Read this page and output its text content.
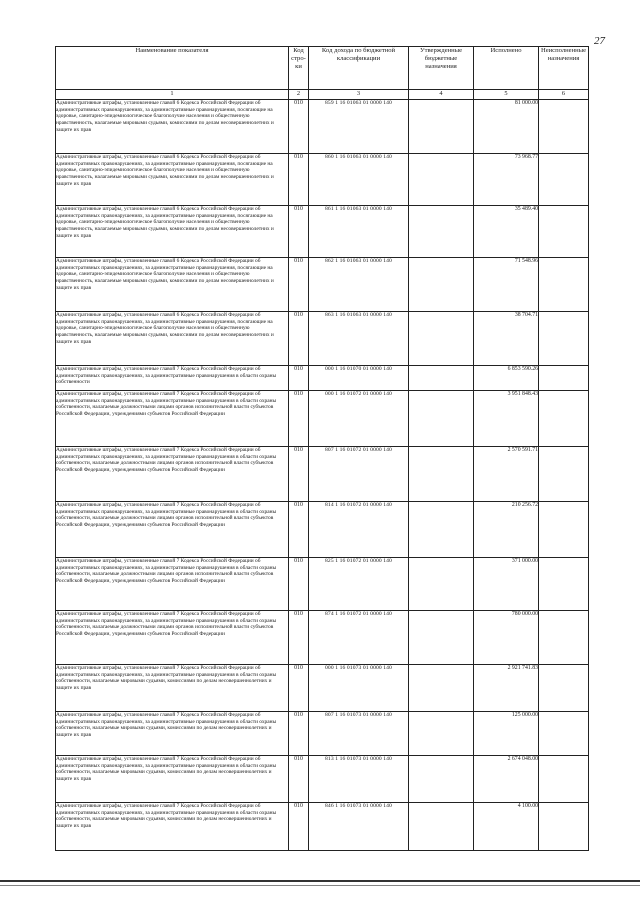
27
Наименование показателя	Код стро-ки	Код дохода по бюджетной классификации	Утвержденные бюджетные назначения	Исполнено	Неисполненные назначения
1	2	3	4	5	6
Административные штрафы, установленные главой 6 Кодекса Российской Федерации об административных правонарушениях, за административные правонарушения, посягающие на здоровье, санитарно-эпидемиологическое благополучие населения и общественную нравственность, налагаемые мировыми судьями, комиссиями по делам несовершеннолетних и защите их прав	010	859 1 16 01063 01 0000 140		81 000.00	
Административные штрафы, установленные главой 6 Кодекса Российской Федерации об административных правонарушениях, за административные правонарушения, посягающие на здоровье, санитарно-эпидемиологическое благополучие населения и общественную нравственность, налагаемые мировыми судьями, комиссиями по делам несовершеннолетних и защите их прав	010	860 1 16 01063 01 0000 140		73 968.77	
Административные штрафы, установленные главой 6 Кодекса Российской Федерации об административных правонарушениях, за административные правонарушения, посягающие на здоровье, санитарно-эпидемиологическое благополучие населения и общественную нравственность, налагаемые мировыми судьями, комиссиями по делам несовершеннолетних и защите их прав	010	861 1 16 01063 01 0000 140		35 489.40	
Административные штрафы, установленные главой 6 Кодекса Российской Федерации об административных правонарушениях, за административные правонарушения, посягающие на здоровье, санитарно-эпидемиологическое благополучие населения и общественную нравственность, налагаемые мировыми судьями, комиссиями по делам несовершеннолетних и защите их прав	010	862 1 16 01063 01 0000 140		71 548.96	
Административные штрафы, установленные главой 6 Кодекса Российской Федерации об административных правонарушениях, за административные правонарушения, посягающие на здоровье, санитарно-эпидемиологическое благополучие населения и общественную нравственность, налагаемые мировыми судьями, комиссиями по делам несовершеннолетних и защите их прав	010	863 1 16 01063 01 0000 140		38 704.71	
Административные штрафы, установленные главой 7 Кодекса Российской Федерации об административных правонарушениях, за административные правонарушения в области охраны собственности	010	000 1 16 01070 01 0000 140		6 853 590.26	
Административные штрафы, установленные главой 7 Кодекса Российской Федерации об административных правонарушениях, за административные правонарушения в области охраны собственности, налагаемые должностными лицами органов исполнительной власти субъектов Российской Федерации, учреждениями субъектов Российской Федерации	010	000 1 16 01072 01 0000 140		3 951 848.43	
Административные штрафы, установленные главой 7 Кодекса Российской Федерации об административных правонарушениях, за административные правонарушения в области охраны собственности, налагаемые должностными лицами органов исполнительной власти субъектов Российской Федерации, учреждениями субъектов Российской Федерации	010	807 1 16 01072 01 0000 140		2 570 591.71	
Административные штрафы, установленные главой 7 Кодекса Российской Федерации об административных правонарушениях, за административные правонарушения в области охраны собственности, налагаемые должностными лицами органов исполнительной власти субъектов Российской Федерации, учреждениями субъектов Российской Федерации	010	814 1 16 01072 01 0000 140		210 256.72	
Административные штрафы, установленные главой 7 Кодекса Российской Федерации об административных правонарушениях, за административные правонарушения в области охраны собственности, налагаемые должностными лицами органов исполнительной власти субъектов Российской Федерации, учреждениями субъектов Российской Федерации	010	825 1 16 01072 01 0000 140		371 000.00	
Административные штрафы, установленные главой 7 Кодекса Российской Федерации об административных правонарушениях, за административные правонарушения в области охраны собственности, налагаемые должностными лицами органов исполнительной власти субъектов Российской Федерации, учреждениями субъектов Российской Федерации	010	874 1 16 01072 01 0000 140		780 000.00	
Административные штрафы, установленные главой 7 Кодекса Российской Федерации об административных правонарушениях, за административные правонарушения в области охраны собственности, налагаемые мировыми судьями, комиссиями по делам несовершеннолетних и защите их прав	010	000 1 16 01073 01 0000 140		2 921 741.83	
Административные штрафы, установленные главой 7 Кодекса Российской Федерации об административных правонарушениях, за административные правонарушения в области охраны собственности, налагаемые мировыми судьями, комиссиями по делам несовершеннолетних и защите их прав	010	807 1 16 01073 01 0000 140		125 000.00	
Административные штрафы, установленные главой 7 Кодекса Российской Федерации об административных правонарушениях, за административные правонарушения в области охраны собственности, налагаемые мировыми судьями, комиссиями по делам несовершеннолетних и защите их прав	010	813 1 16 01073 01 0000 140		2 674 048.00	
Административные штрафы, установленные главой 7 Кодекса Российской Федерации об административных правонарушениях, за административные правонарушения в области охраны собственности, налагаемые мировыми судьями, комиссиями по делам несовершеннолетних и защите их прав	010	846 1 16 01073 01 0000 140		4 100.00	
